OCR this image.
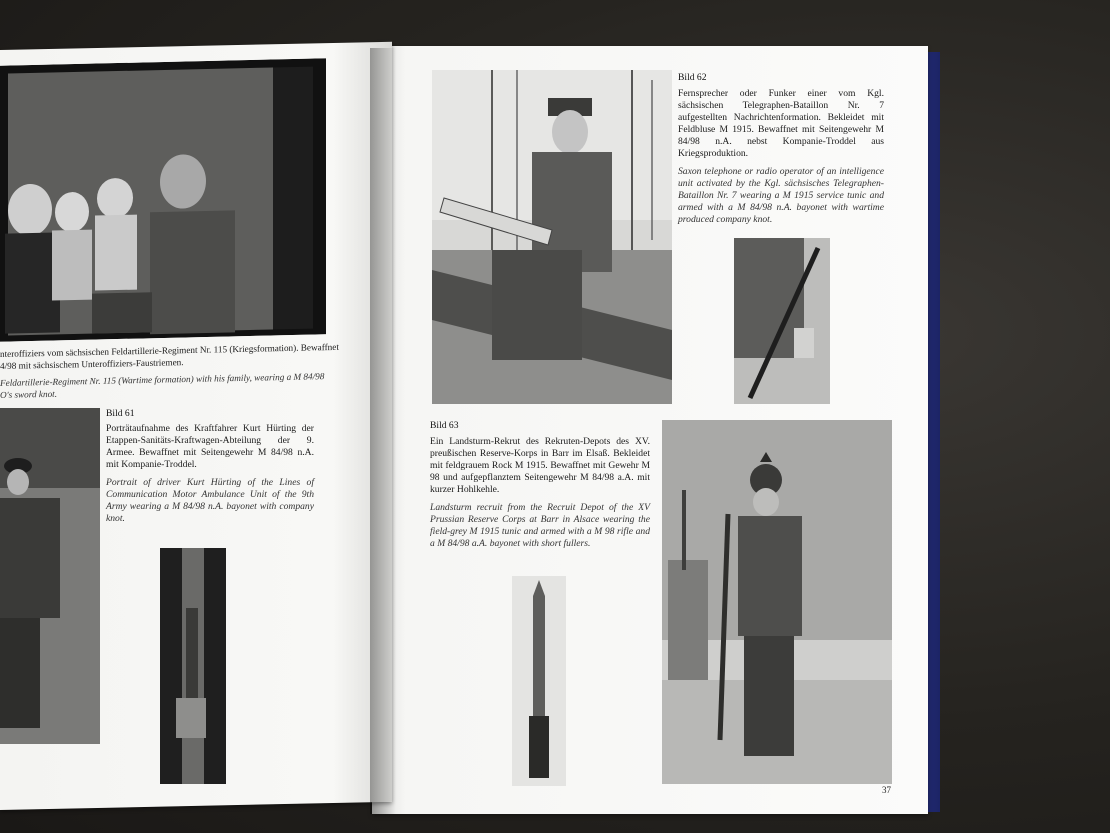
nteroffiziers vom sächsischen Feldartillerie-Regiment Nr. 115 (Kriegsformation). Bewaffnet
4/98 mit sächsischem Unteroffiziers-Faustriemen.
Feldartillerie-Regiment Nr. 115 (Wartime formation) with his family, wearing a M 84/98
O's sword knot.
Bild 61

Porträtaufnahme des Kraftfahrer Kurt Hürting der Etappen-Sanitäts-Kraftwagen-Abteilung der 9. Armee. Bewaffnet mit Seitengewehr M 84/98 n.A. mit Kompanie-Troddel.

Portrait of driver Kurt Hürting of the Lines of Communication Motor Ambulance Unit of the 9th Army wearing a M 84/98 n.A. bayonet with company knot.

Bild 62

Fernsprecher oder Funker einer vom Kgl. sächsischen Telegraphen-Bataillon Nr. 7 aufgestellten Nachrichtenformation. Bekleidet mit Feldbluse M 1915. Bewaffnet mit Seitengewehr M 84/98 n.A. nebst Kompanie-Troddel aus Kriegsproduktion.

Saxon telephone or radio operator of an intelligence unit activated by the Kgl. sächsisches Telegraphen-Bataillon Nr. 7 wearing a M 1915 service tunic and armed with a M 84/98 n.A. bayonet with wartime produced company knot.

Bild 63

Ein Landsturm-Rekrut des Rekruten-Depots des XV. preußischen Reserve-Korps in Barr im Elsaß. Bekleidet mit feldgrauem Rock M 1915. Bewaffnet mit Gewehr M 98 und aufgepflanztem Seitengewehr M 84/98 a.A. mit kurzer Hohlkehle.

Landsturm recruit from the Recruit Depot of the XV Prussian Reserve Corps at Barr in Alsace wearing the field-grey M 1915 tunic and armed with a M 98 rifle and a M 84/98 a.A. bayonet with short fullers.

37
